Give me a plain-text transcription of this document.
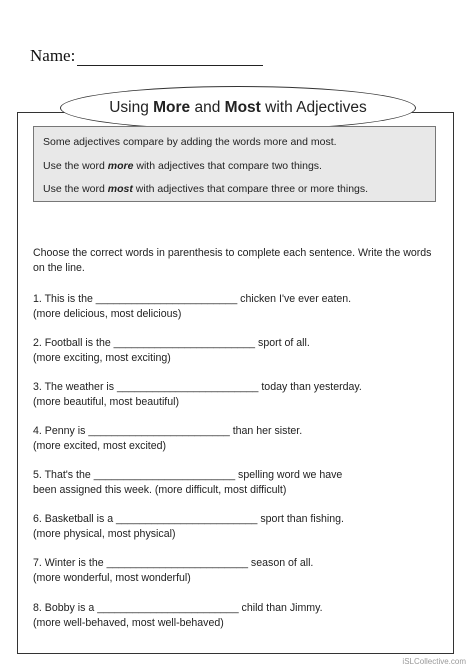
Name:
Using More and Most with Adjectives

Some adjectives compare by adding the words more and most.

Use the word more with adjectives that compare two things.

Use the word most with adjectives that compare three or more things.

Choose the correct words in parenthesis to complete each sentence. Write the words on the line.

1. This is the ________________________ chicken I've ever eaten.
(more delicious, most delicious)
2. Football is the ________________________ sport of all.
(more exciting, most exciting)
3. The weather is ________________________ today than yesterday.
(more beautiful, most beautiful)
4. Penny is ________________________ than her sister.
(more excited, most excited)
5. That's the ________________________ spelling word we have
been assigned this week. (more difficult, most difficult)
6. Basketball is a ________________________ sport than fishing.
(more physical, most physical)
7. Winter is the ________________________ season of all.
(more wonderful, most wonderful)
8. Bobby is a ________________________ child than Jimmy.
(more well-behaved, most well-behaved)
iSLCollective.com
